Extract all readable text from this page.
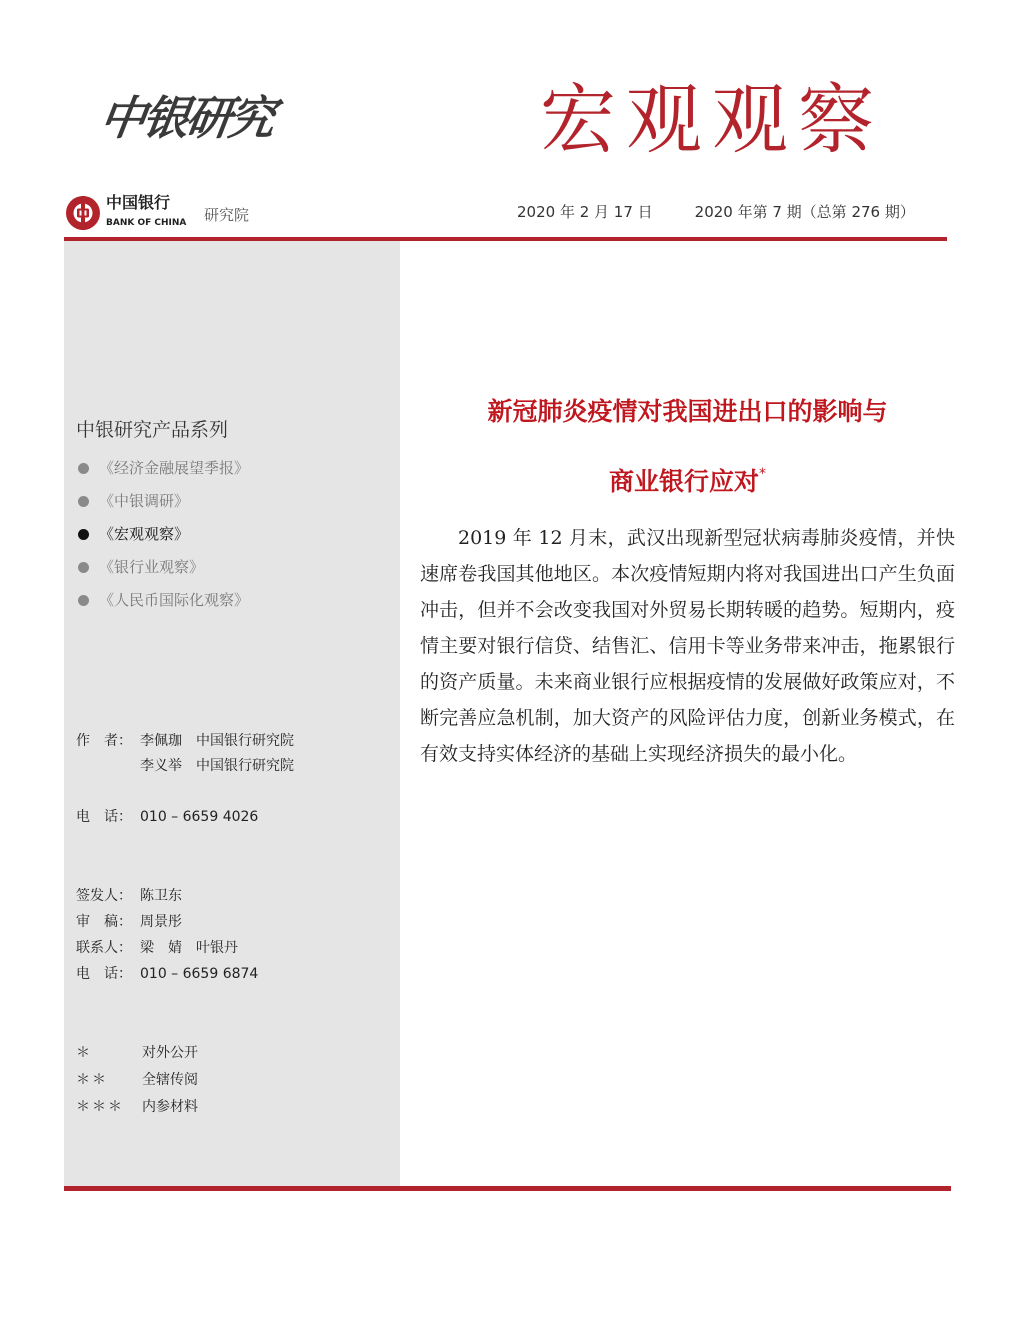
中银研究	宏观观察
中国银行
BANK OF CHINA	研究院	2020 年 2 月 17 日	2020 年第 7 期（总第 276 期）
中银研究产品系列
《经济金融展望季报》
《中银调研》
《宏观观察》
《银行业观察》
《人民币国际化观察》
作　者： 李佩珈 中国银行研究院
李义举 中国银行研究院
电　话： 010 – 6659 4026
签发人： 陈卫东
审　稿： 周景彤
联系人： 梁　婧　叶银丹
电　话： 010 – 6659 6874
＊	对外公开
＊＊ 全辖传阅
＊＊＊ 内参材料
新冠肺炎疫情对我国进出口的影响与
商业银行应对*

2019 年 12 月末，武汉出现新型冠状病毒肺炎疫情，并快速席卷我国其他地区。本次疫情短期内将对我国进出口产生负面冲击，但并不会改变我国对外贸易长期转暖的趋势。短期内，疫情主要对银行信贷、结售汇、信用卡等业务带来冲击，拖累银行的资产质量。未来商业银行应根据疫情的发展做好政策应对，不断完善应急机制，加大资产的风险评估力度，创新业务模式，在有效支持实体经济的基础上实现经济损失的最小化。
